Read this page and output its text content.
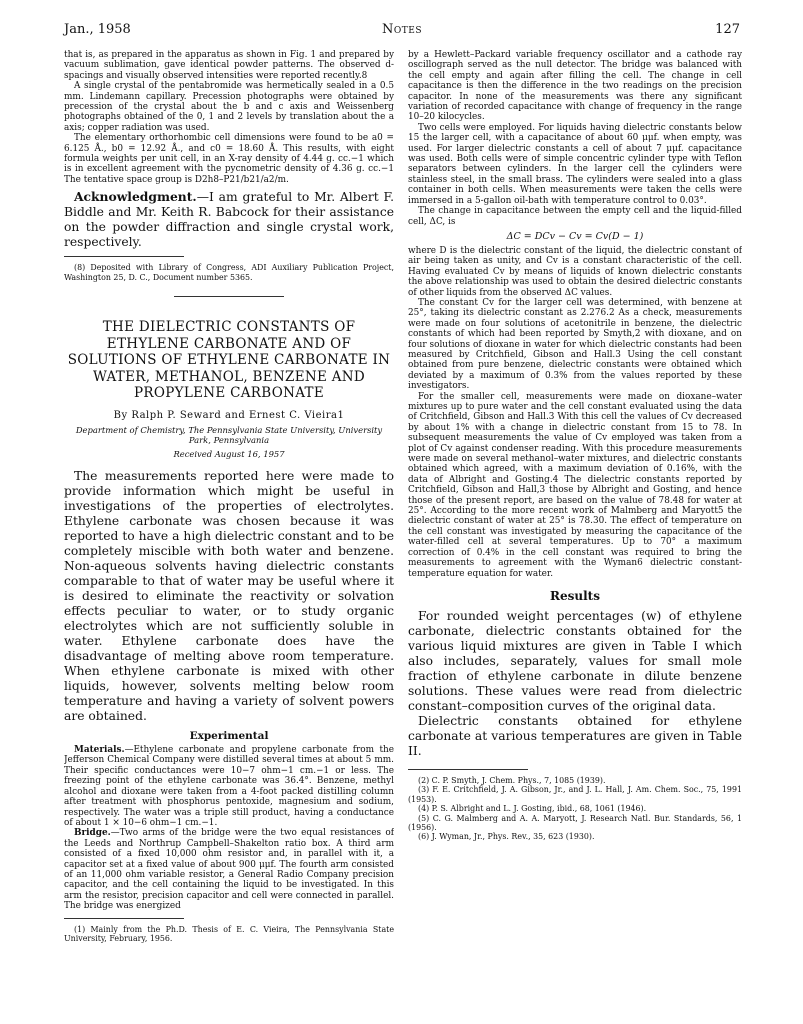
Jan., 1958	Notes	127

that is, as prepared in the apparatus as shown in Fig. 1 and prepared by vacuum sublimation, gave identical powder patterns. The observed d-spacings and visually observed intensities were reported recently.8

A single crystal of the pentabromide was hermetically sealed in a 0.5 mm. Lindemann capillary. Precession photographs were obtained by precession of the crystal about the b and c axis and Weissenberg photographs obtained of the 0, 1 and 2 levels by translation about the a axis; copper radiation was used.

The elementary orthorhombic cell dimensions were found to be a0 = 6.125 Å., b0 = 12.92 Å., and c0 = 18.60 Å. This results, with eight formula weights per unit cell, in an X-ray density of 4.44 g. cc.−1 which is in excellent agreement with the pycnometric density of 4.36 g. cc.−1 The tentative space group is D2h8–P21/b21/a2/m.

Acknowledgment.—I am grateful to Mr. Albert F. Biddle and Mr. Keith R. Babcock for their assistance on the powder diffraction and single crystal work, respectively.

(8) Deposited with Library of Congress, ADI Auxiliary Publication Project, Washington 25, D. C., Document number 5365.

THE DIELECTRIC CONSTANTS OF ETHYLENE CARBONATE AND OF SOLUTIONS OF ETHYLENE CARBONATE IN WATER, METHANOL, BENZENE AND PROPYLENE CARBONATE

By Ralph P. Seward and Ernest C. Vieira1

Department of Chemistry, The Pennsylvania State University, University Park, Pennsylvania

Received August 16, 1957

The measurements reported here were made to provide information which might be useful in investigations of the properties of electrolytes. Ethylene carbonate was chosen because it was reported to have a high dielectric constant and to be completely miscible with both water and benzene. Non-aqueous solvents having dielectric constants comparable to that of water may be useful where it is desired to eliminate the reactivity or solvation effects peculiar to water, or to study organic electrolytes which are not sufficiently soluble in water. Ethylene carbonate does have the disadvantage of melting above room temperature. When ethylene carbonate is mixed with other liquids, however, solvents melting below room temperature and having a variety of solvent powers are obtained.

Experimental

Materials.—Ethylene carbonate and propylene carbonate from the Jefferson Chemical Company were distilled several times at about 5 mm. Their specific conductances were 10−7 ohm−1 cm.−1 or less. The freezing point of the ethylene carbonate was 36.4°. Benzene, methyl alcohol and dioxane were taken from a 4-foot packed distilling column after treatment with phosphorus pentoxide, magnesium and sodium, respectively. The water was a triple still product, having a conductance of about 1 × 10−6 ohm−1 cm.−1.

Bridge.—Two arms of the bridge were the two equal resistances of the Leeds and Northrup Campbell–Shakelton ratio box. A third arm consisted of a fixed 10,000 ohm resistor and, in parallel with it, a capacitor set at a fixed value of about 900 μμf. The fourth arm consisted of an 11,000 ohm variable resistor, a General Radio Company precision capacitor, and the cell containing the liquid to be investigated. In this arm the resistor, precision capacitor and cell were connected in parallel. The bridge was energized

(1) Mainly from the Ph.D. Thesis of E. C. Vieira, The Pennsylvania State University, February, 1956.

by a Hewlett–Packard variable frequency oscillator and a cathode ray oscillograph served as the null detector. The bridge was balanced with the cell empty and again after filling the cell. The change in cell capacitance is then the difference in the two readings on the precision capacitor. In none of the measurements was there any significant variation of recorded capacitance with change of frequency in the range 10–20 kilocycles.

Two cells were employed. For liquids having dielectric constants below 15 the larger cell, with a capacitance of about 60 μμf. when empty, was used. For larger dielectric constants a cell of about 7 μμf. capacitance was used. Both cells were of simple concentric cylinder type with Teflon separators between cylinders. In the larger cell the cylinders were stainless steel, in the small brass. The cylinders were sealed into a glass container in both cells. When measurements were taken the cells were immersed in a 5-gallon oil-bath with temperature control to 0.03°.

The change in capacitance between the empty cell and the liquid-filled cell, ΔC, is

ΔC = DCv − Cv = Cv(D − 1)

where D is the dielectric constant of the liquid, the dielectric constant of air being taken as unity, and Cv is a constant characteristic of the cell. Having evaluated Cv by means of liquids of known dielectric constants the above relationship was used to obtain the desired dielectric constants of other liquids from the observed ΔC values.

The constant Cv for the larger cell was determined, with benzene at 25°, taking its dielectric constant as 2.276.2 As a check, measurements were made on four solutions of acetonitrile in benzene, the dielectric constants of which had been reported by Smyth,2 with dioxane, and on four solutions of dioxane in water for which dielectric constants had been measured by Critchfield, Gibson and Hall.3 Using the cell constant obtained from pure benzene, dielectric constants were obtained which deviated by a maximum of 0.3% from the values reported by these investigators.

For the smaller cell, measurements were made on dioxane–water mixtures up to pure water and the cell constant evaluated using the data of Critchfield, Gibson and Hall.3 With this cell the values of Cv decreased by about 1% with a change in dielectric constant from 15 to 78. In subsequent measurements the value of Cv employed was taken from a plot of Cv against condenser reading. With this procedure measurements were made on several methanol–water mixtures, and dielectric constants obtained which agreed, with a maximum deviation of 0.16%, with the data of Albright and Gosting.4 The dielectric constants reported by Critchfield, Gibson and Hall,3 those by Albright and Gosting, and hence those of the present report, are based on the value of 78.48 for water at 25°. According to the more recent work of Malmberg and Maryott5 the dielectric constant of water at 25° is 78.30. The effect of temperature on the cell constant was investigated by measuring the capacitance of the water-filled cell at several temperatures. Up to 70° a maximum correction of 0.4% in the cell constant was required to bring the measurements to agreement with the Wyman6 dielectric constant-temperature equation for water.

Results

For rounded weight percentages (w) of ethylene carbonate, dielectric constants obtained for the various liquid mixtures are given in Table I which also includes, separately, values for small mole fraction of ethylene carbonate in dilute benzene solutions. These values were read from dielectric constant–composition curves of the original data.

Dielectric constants obtained for ethylene carbonate at various temperatures are given in Table II.

(2) C. P. Smyth, J. Chem. Phys., 7, 1085 (1939).

(3) F. E. Critchfield, J. A. Gibson, Jr., and J. L. Hall, J. Am. Chem. Soc., 75, 1991 (1953).

(4) P. S. Albright and L. J. Gosting, ibid., 68, 1061 (1946).

(5) C. G. Malmberg and A. A. Maryott, J. Research Natl. Bur. Standards, 56, 1 (1956).

(6) J. Wyman, Jr., Phys. Rev., 35, 623 (1930).
